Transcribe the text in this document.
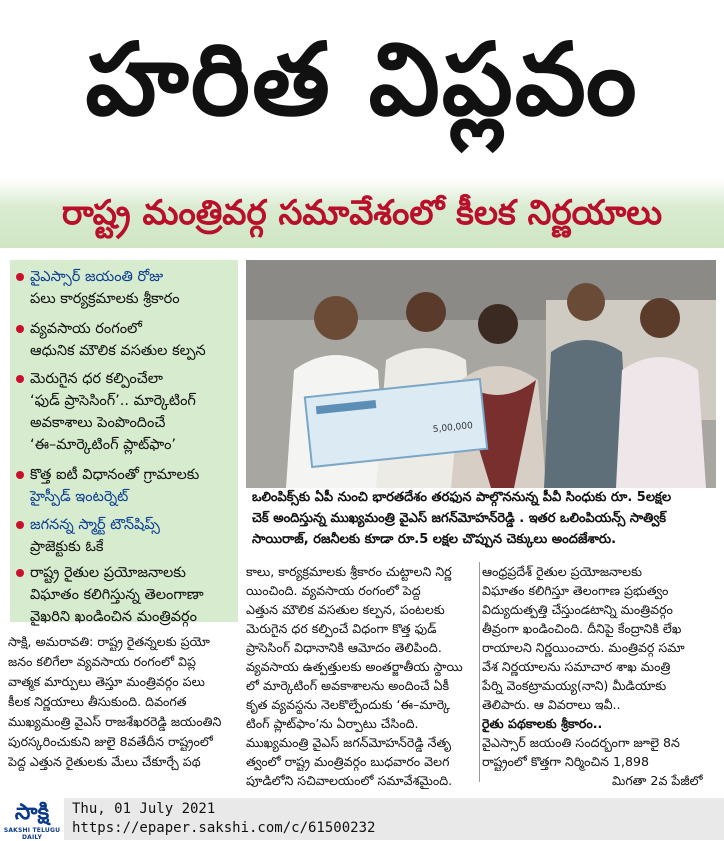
హరిత విప్లవం
రాష్ట్ర మంత్రివర్గ సమావేశంలో కీలక నిర్ణయాలు
వైఎస్సార్ జయంతి రోజు
పలు కార్యక్రమాలకు శ్రీకారం
వ్యవసాయ రంగంలో
ఆధునిక మౌలిక వసతుల కల్పన
మెరుగైన ధర కల్పించేలా
‘ఫుడ్ ప్రాసెసింగ్’.. మార్కెటింగ్
అవకాశాలు పెంపొందించే
‘ఈ–మార్కెటింగ్ ప్లాట్‌ఫాం’
కొత్త ఐటీ విధానంతో గ్రామాలకు
హైస్పీడ్ ఇంటర్నెట్
జగనన్న స్మార్ట్ టౌన్‌షిప్స్
ప్రాజెక్టుకు ఓకే
రాష్ట్ర రైతుల ప్రయోజనాలకు
విఘాతం కలిగిస్తున్న తెలంగాణా
వైఖరిని ఖండించిన మంత్రివర్గం
5,00,000
ఒలింపిక్స్‌కు ఏపీ నుంచి భారతదేశం తరఫున పాల్గొననున్న పీవీ సింధుకు రూ. 5లక్షల
చెక్ అందిస్తున్న ముఖ్యమంత్రి వైఎస్ జగన్‌మోహన్‌రెడ్డి . ఇతర ఒలింపియన్స్ సాత్విక్
సాయిరాజ్, రజనీలకు కూడా రూ.5 లక్షల చొప్పున చెక్కులు అందజేశారు.
సాక్షి, అమరావతి: రాష్ట్ర రైతన్నలకు ప్రయో
జనం కలిగేలా వ్యవసాయ రంగంలో విప్ల
వాత్మక మార్పులు తెస్తూ మంత్రివర్గం పలు
కీలక నిర్ణయాలు తీసుకుంది. దివంగత
ముఖ్యమంత్రి వైఎస్ రాజశేఖరరెడ్డి జయంతిని
పురస్కరించుకుని జులై 8వతేదీన రాష్ట్రంలో
పెద్ద ఎత్తున రైతులకు మేలు చేకూర్చే పథ
కాలు, కార్యక్రమాలకు శ్రీకారం చుట్టాలని నిర్ణ
యించింది. వ్యవసాయ రంగంలో పెద్ద
ఎత్తున మౌలిక వసతుల కల్పన, పంటలకు
మెరుగైన ధర కల్పించే విధంగా కొత్త ఫుడ్
ప్రాసెసింగ్ విధానానికి ఆమోదం తెలిపింది.
వ్యవసాయ ఉత్పత్తులకు అంతర్జాతీయ స్థాయి
లో మార్కెటింగ్ అవకాశాలను అందించే ఏకీ
కృత వ్యవస్థను నెలకొల్పేందుకు ‘ఈ–మార్కె
టింగ్ ప్లాట్‌ఫాం’ను ఏర్పాటు చేసింది.
ముఖ్యమంత్రి వైఎస్ జగన్‌మోహన్‌రెడ్డి నేతృ
త్వంలో రాష్ట్ర మంత్రివర్గం బుధవారం వెలగ
పూడిలోని సచివాలయంలో సమావేశమైంది.
ఆంధ్రప్రదేశ్ రైతుల ప్రయోజనాలకు
విఘాతం కలిగిస్తూ తెలంగాణ ప్రభుత్వం
విద్యుదుత్పత్తి చేస్తుండటాన్ని మంత్రివర్గం
తీవ్రంగా ఖండించింది. దీనిపై కేంద్రానికి లేఖ
రాయాలని నిర్ణయించారు. మంత్రివర్గ సమా
వేశ నిర్ణయాలను సమాచార శాఖ మంత్రి
పేర్ని వెంకట్రామయ్య(నాని) మీడియాకు
తెలిపారు. ఆ వివరాలు ఇవీ..
రైతు పథకాలకు శ్రీకారం..
వైఎస్సార్ జయంతి సందర్భంగా జూలై 8న
రాష్ట్రంలో కొత్తగా నిర్మించిన 1,898
మిగతా 2వ పేజీలో
Thu, 01 July 2021
https://epaper.sakshi.com/c/61500232
సాక్షి
SAKSHI TELUGU DAILY
